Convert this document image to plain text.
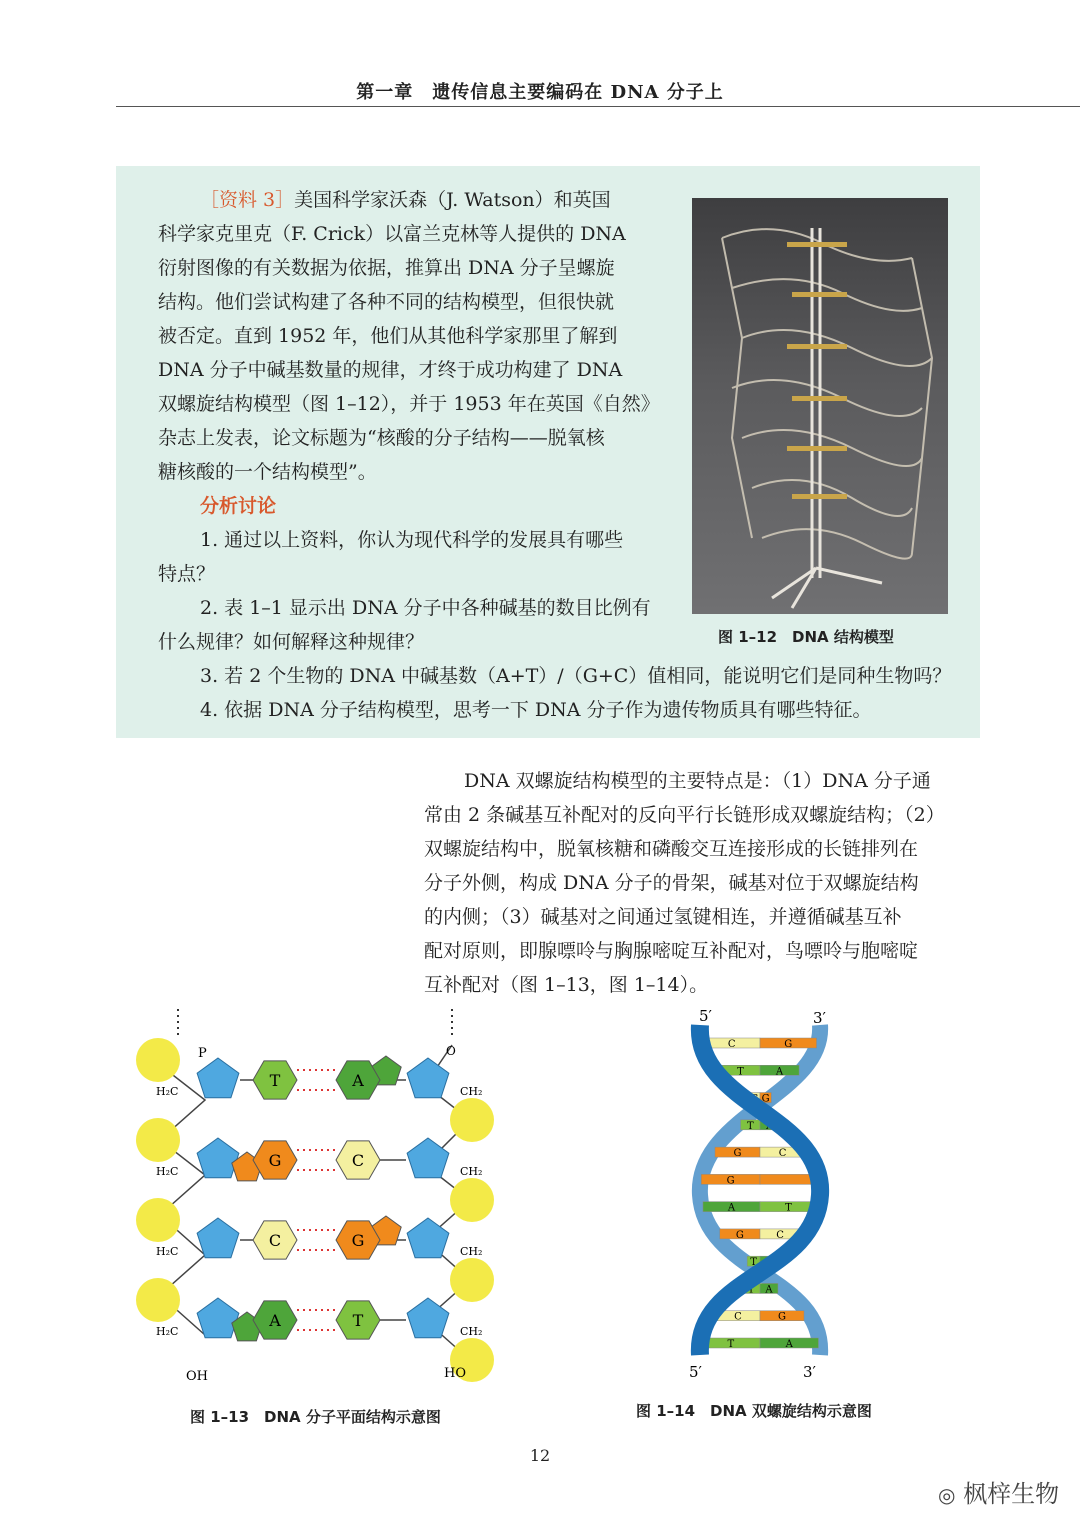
第一章　遗传信息主要编码在 DNA 分子上
［资料 3］美国科学家沃森（J. Watson）和英国
科学家克里克（F. Crick）以富兰克林等人提供的 DNA
衍射图像的有关数据为依据，推算出 DNA 分子呈螺旋
结构。他们尝试构建了各种不同的结构模型，但很快就
被否定。直到 1952 年，他们从其他科学家那里了解到
DNA 分子中碱基数量的规律，才终于成功构建了 DNA
双螺旋结构模型（图 1–12），并于 1953 年在英国《自然》
杂志上发表，论文标题为“核酸的分子结构——脱氧核
糖核酸的一个结构模型”。
分析讨论
1. 通过以上资料，你认为现代科学的发展具有哪些
特点？
2. 表 1–1 显示出 DNA 分子中各种碱基的数目比例有
什么规律？如何解释这种规律？
3. 若 2 个生物的 DNA 中碱基数（A+T）/（G+C）值相同，能说明它们是同种生物吗？
4. 依据 DNA 分子结构模型，思考一下 DNA 分子作为遗传物质具有哪些特征。
图 1–12　DNA 结构模型
DNA 双螺旋结构模型的主要特点是：（1）DNA 分子通
常由 2 条碱基互补配对的反向平行长链形成双螺旋结构；（2）
双螺旋结构中，脱氧核糖和磷酸交互连接形成的长链排列在
分子外侧，构成 DNA 分子的骨架，碱基对位于双螺旋结构
的内侧；（3）碱基对之间通过氢键相连，并遵循碱基互补
配对原则，即腺嘌呤与胸腺嘧啶互补配对，鸟嘌呤与胞嘧啶
互补配对（图 1–13，图 1–14）。
T	A
G	C
C	G
A	T
P
H₂C
H₂C
H₂C
H₂C
CH₂
CH₂
CH₂
CH₂
O
OH	HO
图 1–13　DNA 分子平面结构示意图
5′	3′
C	G
T	A
C G
T A
G	C
G
A	T
G	C
T A
T A
C	G
T	A
5′	3′
图 1–14　DNA 双螺旋结构示意图
12
◎ 枫梓生物
